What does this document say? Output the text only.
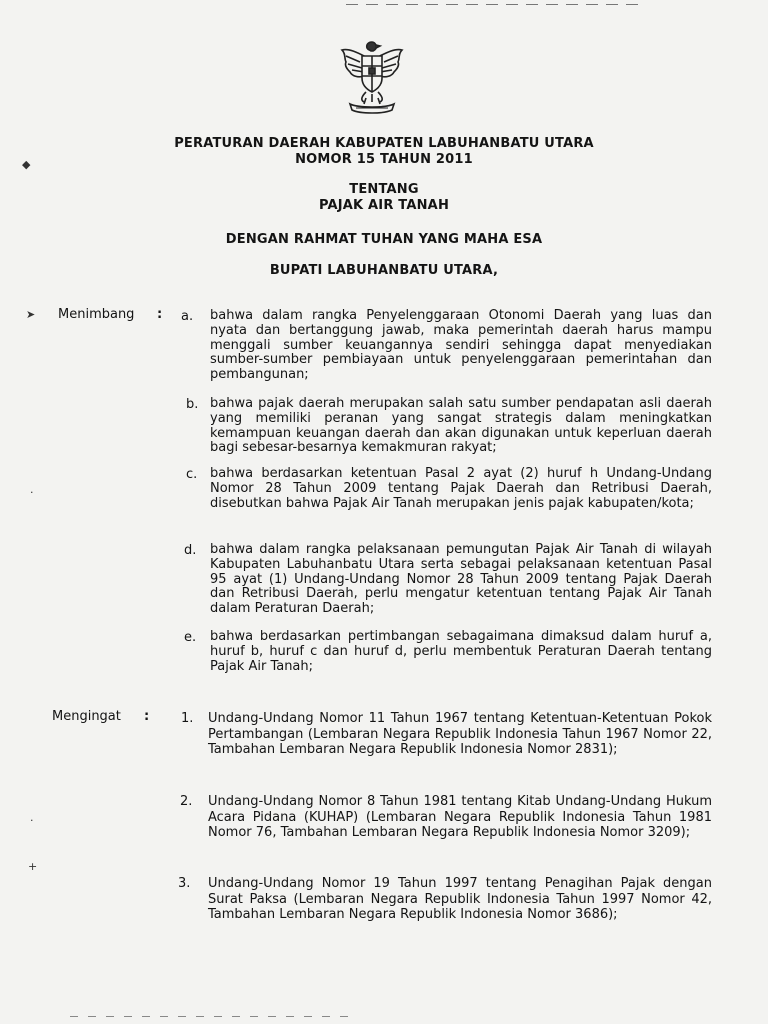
PERATURAN DAERAH KABUPATEN LABUHANBATU UTARA
NOMOR 15 TAHUN 2011
TENTANG
PAJAK AIR TANAH
DENGAN RAHMAT TUHAN YANG MAHA ESA
BUPATI LABUHANBATU UTARA,
Menimbang : a. bahwa dalam rangka Penyelenggaraan Otonomi Daerah yang luas dan nyata dan bertanggung jawab, maka pemerintah daerah harus mampu menggali sumber keuangannya sendiri sehingga dapat menyediakan sumber-sumber pembiayaan untuk penyelenggaraan pemerintahan dan pembangunan;
b. bahwa pajak daerah merupakan salah satu sumber pendapatan asli daerah yang memiliki peranan yang sangat strategis dalam meningkatkan kemampuan keuangan daerah dan akan digunakan untuk keperluan daerah bagi sebesar-besarnya kemakmuran rakyat;
c. bahwa berdasarkan ketentuan Pasal 2 ayat (2) huruf h Undang-Undang Nomor 28 Tahun 2009 tentang Pajak Daerah dan Retribusi Daerah, disebutkan bahwa Pajak Air Tanah merupakan jenis pajak kabupaten/kota;
d. bahwa dalam rangka pelaksanaan pemungutan Pajak Air Tanah di wilayah Kabupaten Labuhanbatu Utara serta sebagai pelaksanaan ketentuan Pasal 95 ayat (1) Undang-Undang Nomor 28 Tahun 2009 tentang Pajak Daerah dan Retribusi Daerah, perlu mengatur ketentuan tentang Pajak Air Tanah dalam Peraturan Daerah;
e. bahwa berdasarkan pertimbangan sebagaimana dimaksud dalam huruf a, huruf b, huruf c dan huruf d, perlu membentuk Peraturan Daerah tentang Pajak Air Tanah;
Mengingat : 1. Undang-Undang Nomor 11 Tahun 1967 tentang Ketentuan-Ketentuan Pokok Pertambangan (Lembaran Negara Republik Indonesia Tahun 1967 Nomor 22, Tambahan Lembaran Negara Republik Indonesia Nomor 2831);
2. Undang-Undang Nomor 8 Tahun 1981 tentang Kitab Undang-Undang Hukum Acara Pidana (KUHAP) (Lembaran Negara Republik Indonesia Tahun 1981 Nomor 76, Tambahan Lembaran Negara Republik Indonesia Nomor 3209);
3. Undang-Undang Nomor 19 Tahun 1997 tentang Penagihan Pajak dengan Surat Paksa (Lembaran Negara Republik Indonesia Tahun 1997 Nomor 42, Tambahan Lembaran Negara Republik Indonesia Nomor 3686);
➤
◆
·
·
+
